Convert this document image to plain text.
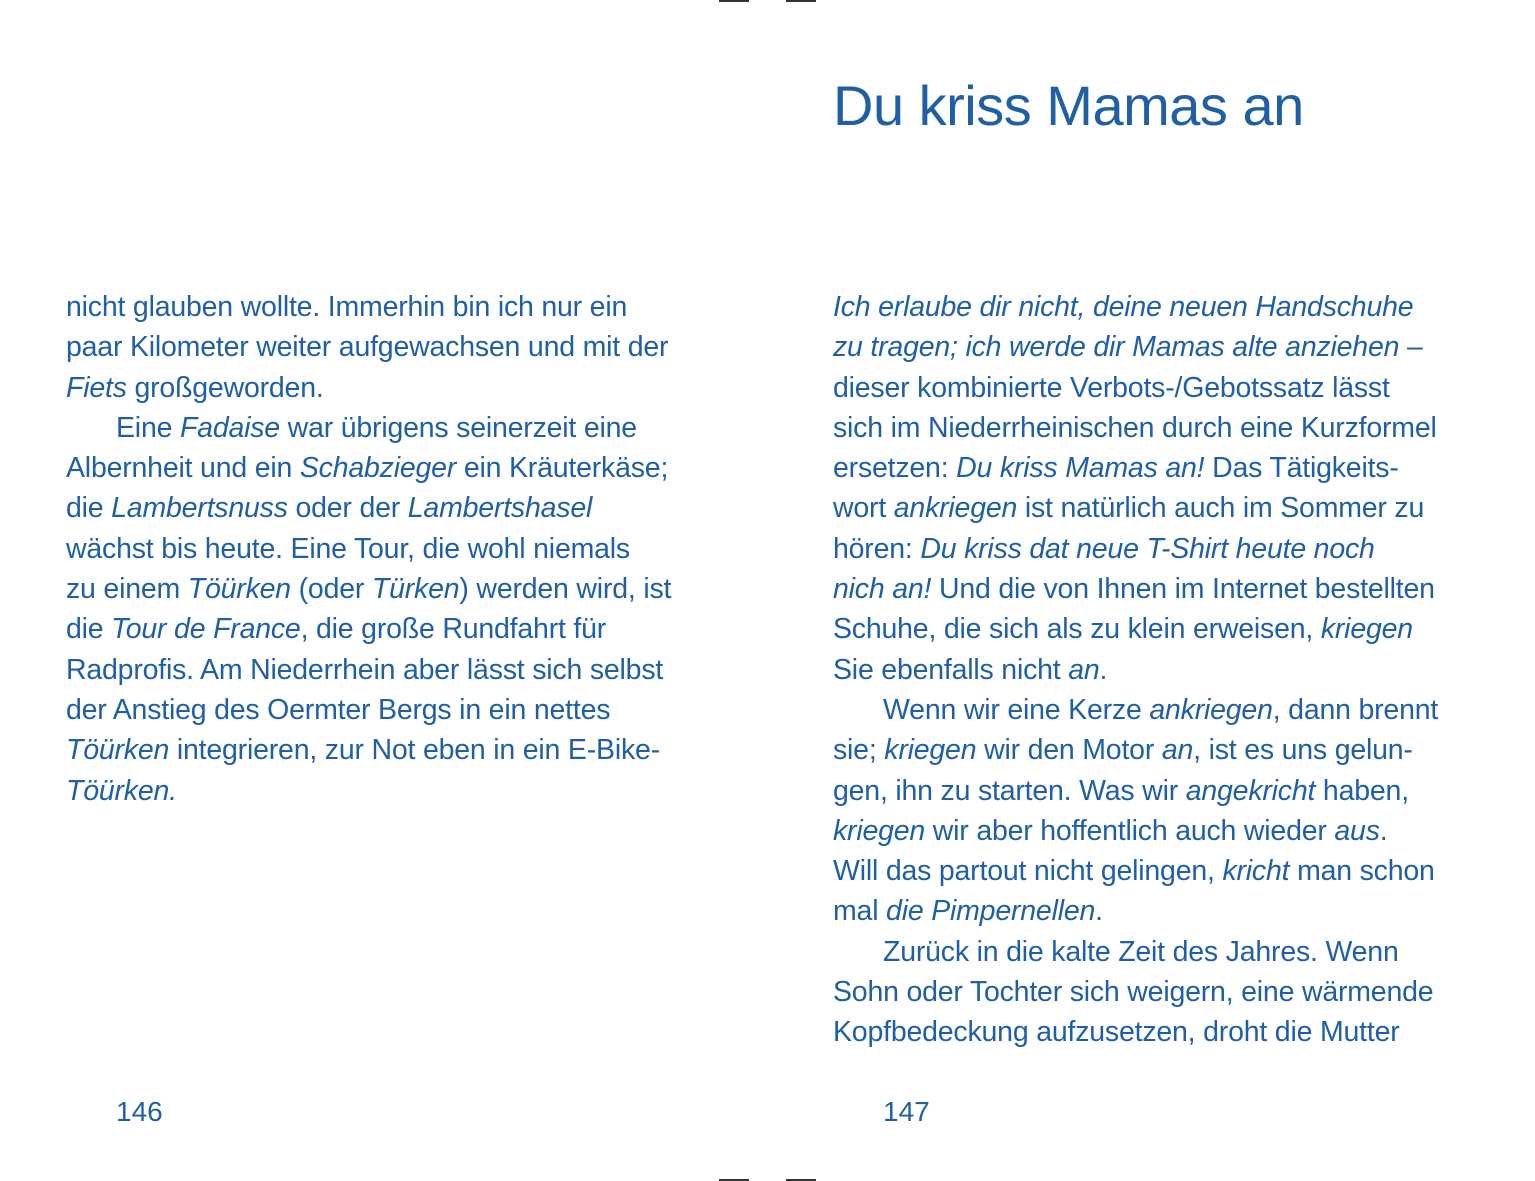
nicht glauben wollte. Immerhin bin ich nur ein
paar Kilometer weiter aufgewachsen und mit der
Fiets großgeworden.
Eine Fadaise war übrigens seinerzeit eine
Albernheit und ein Schabzieger ein Kräuterkäse;
die Lambertsnuss oder der Lambertshasel
wächst bis heute. Eine Tour, die wohl niemals
zu einem Töürken (oder Türken) werden wird, ist
die Tour de France, die große Rundfahrt für
Radprofis. Am Niederrhein aber lässt sich selbst
der Anstieg des Oermter Bergs in ein nettes
Töürken integrieren, zur Not eben in ein E-Bike-
Töürken.
146
Du kriss Mamas an
Ich erlaube dir nicht, deine neuen Handschuhe
zu tragen; ich werde dir Mamas alte anziehen –
dieser kombinierte Verbots-/Gebotssatz lässt
sich im Niederrheinischen durch eine Kurzformel
ersetzen: Du kriss Mamas an! Das Tätigkeits-
wort ankriegen ist natürlich auch im Sommer zu
hören: Du kriss dat neue T-Shirt heute noch
nich an! Und die von Ihnen im Internet bestellten
Schuhe, die sich als zu klein erweisen, kriegen
Sie ebenfalls nicht an.
Wenn wir eine Kerze ankriegen, dann brennt
sie; kriegen wir den Motor an, ist es uns gelun-
gen, ihn zu starten. Was wir angekricht haben,
kriegen wir aber hoffentlich auch wieder aus.
Will das partout nicht gelingen, kricht man schon
mal die Pimpernellen.
Zurück in die kalte Zeit des Jahres. Wenn
Sohn oder Tochter sich weigern, eine wärmende
Kopfbedeckung aufzusetzen, droht die Mutter
147
